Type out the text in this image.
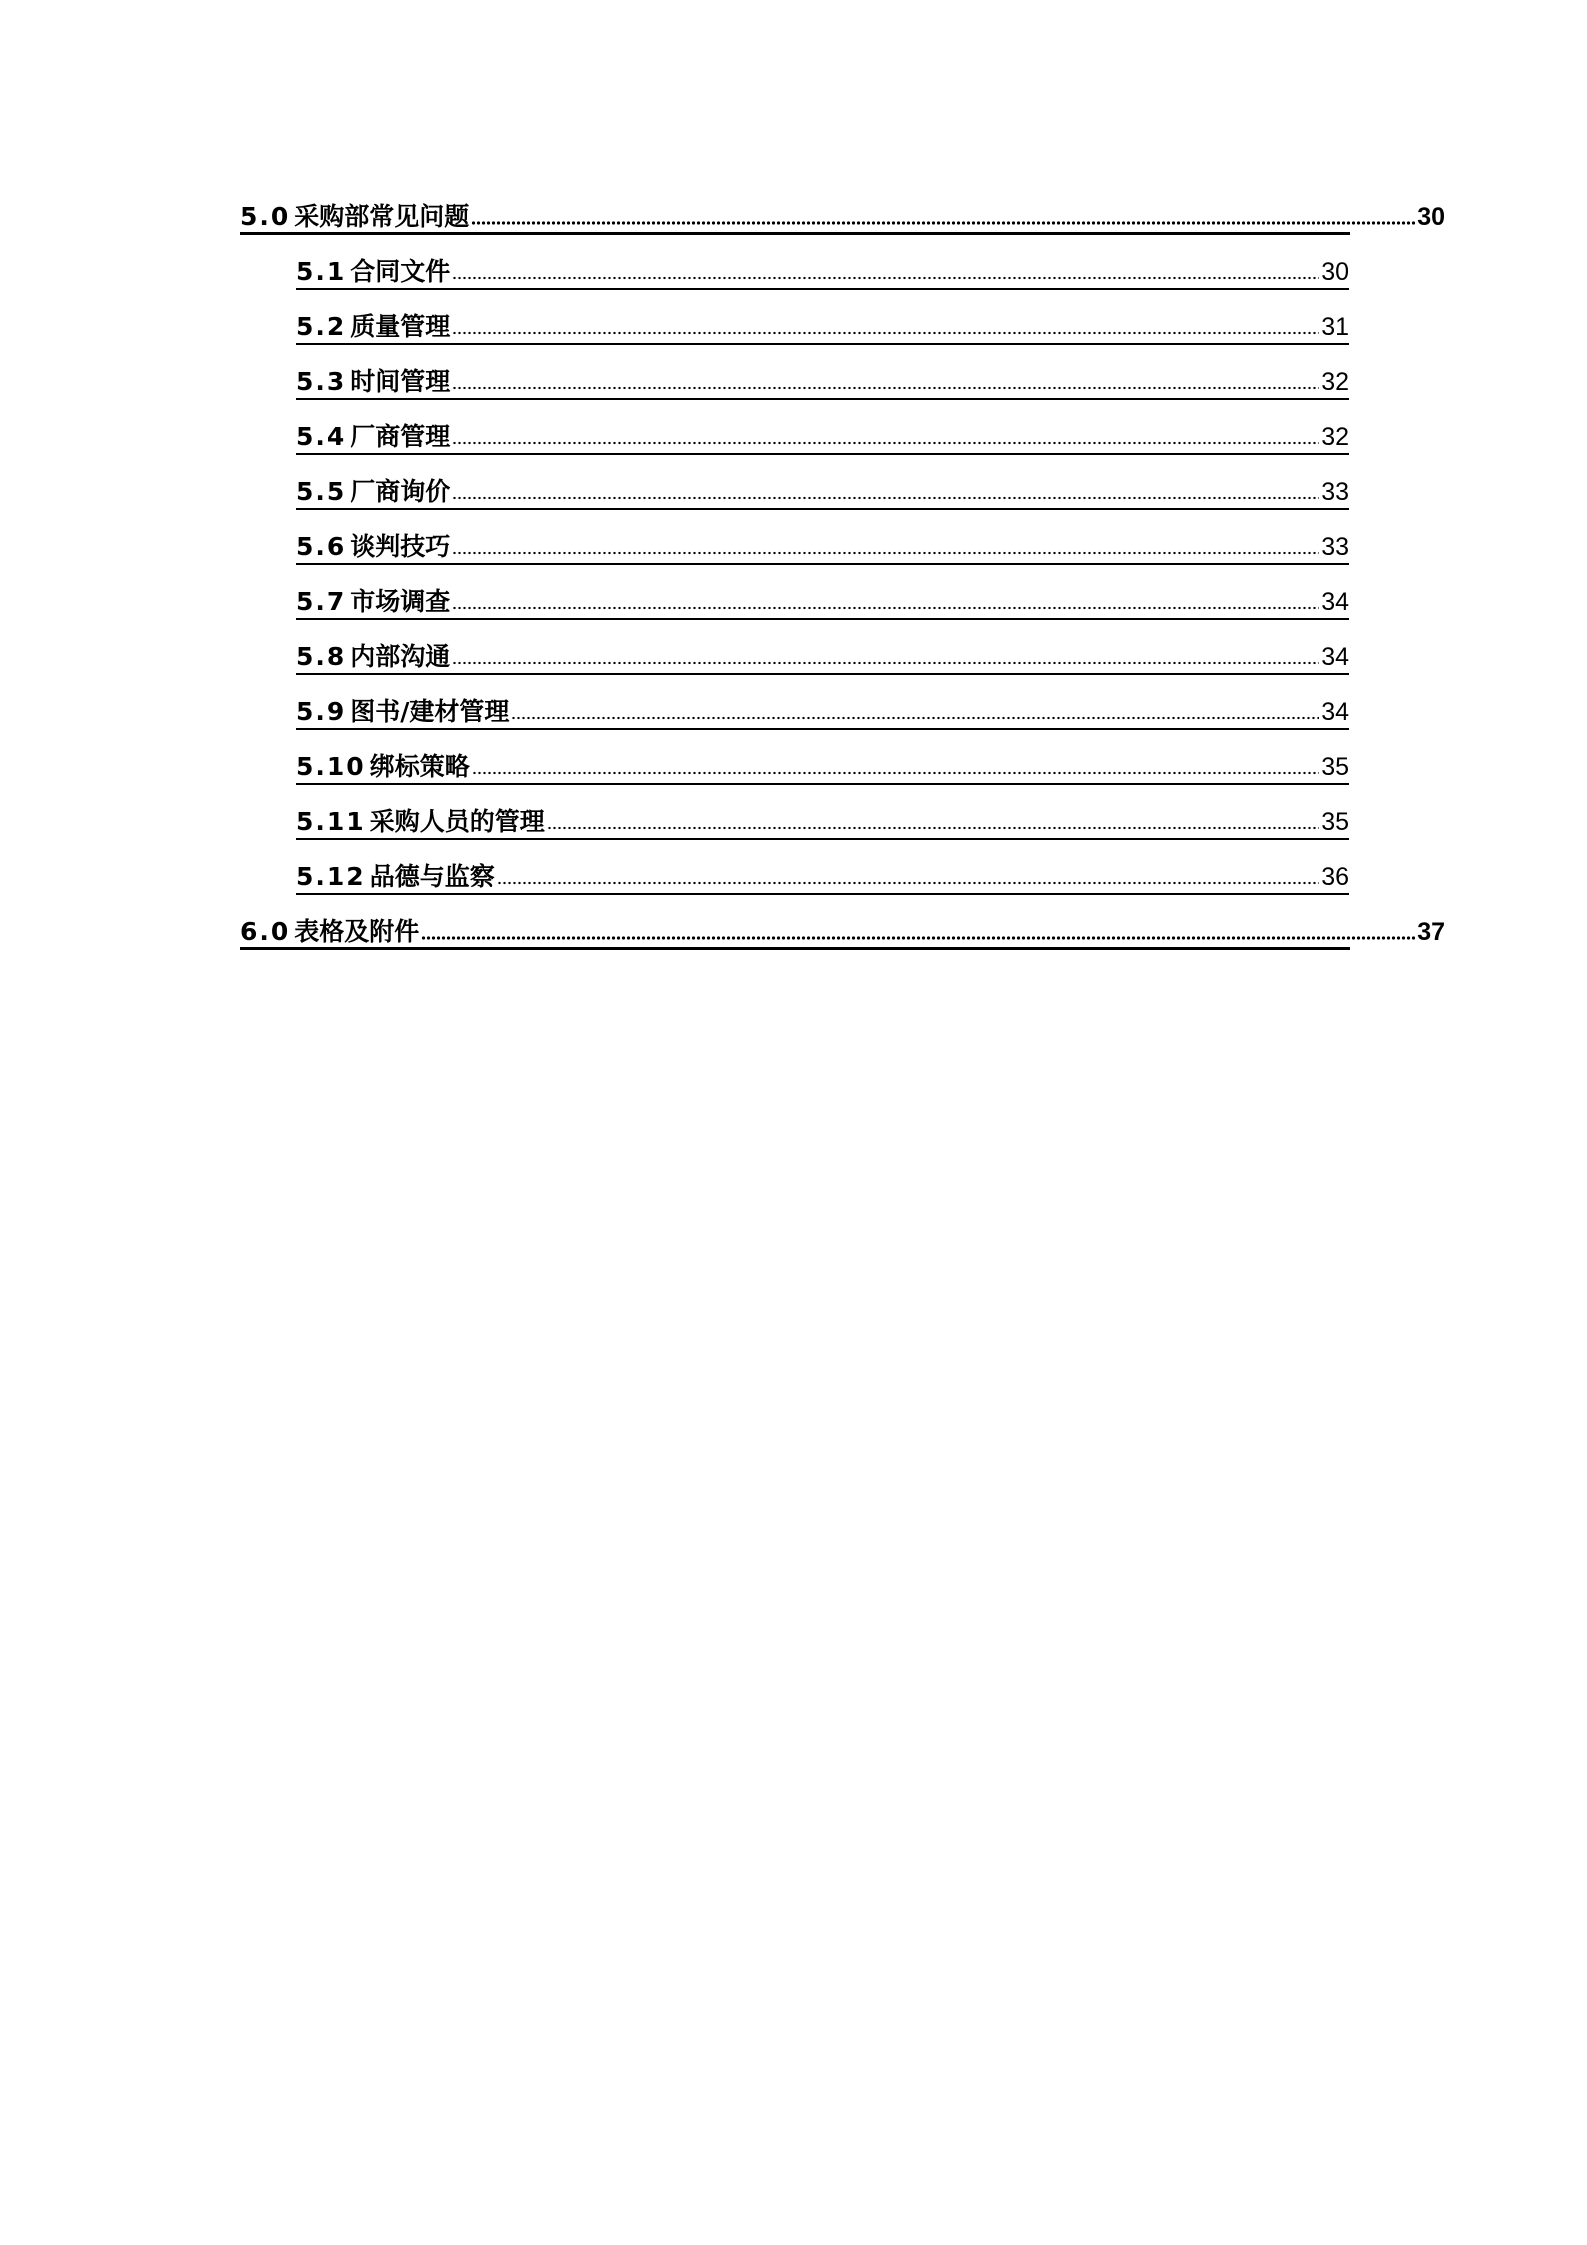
5.0 采购部常见问题	30
5.1 合同文件	30
5.2 质量管理	31
5.3 时间管理	32
5.4 厂商管理	32
5.5 厂商询价	33
5.6 谈判技巧	33
5.7 市场调查	34
5.8 内部沟通	34
5.9 图书/建材管理	34
5.10 绑标策略	35
5.11 采购人员的管理	35
5.12 品德与监察	36
6.0 表格及附件	37
